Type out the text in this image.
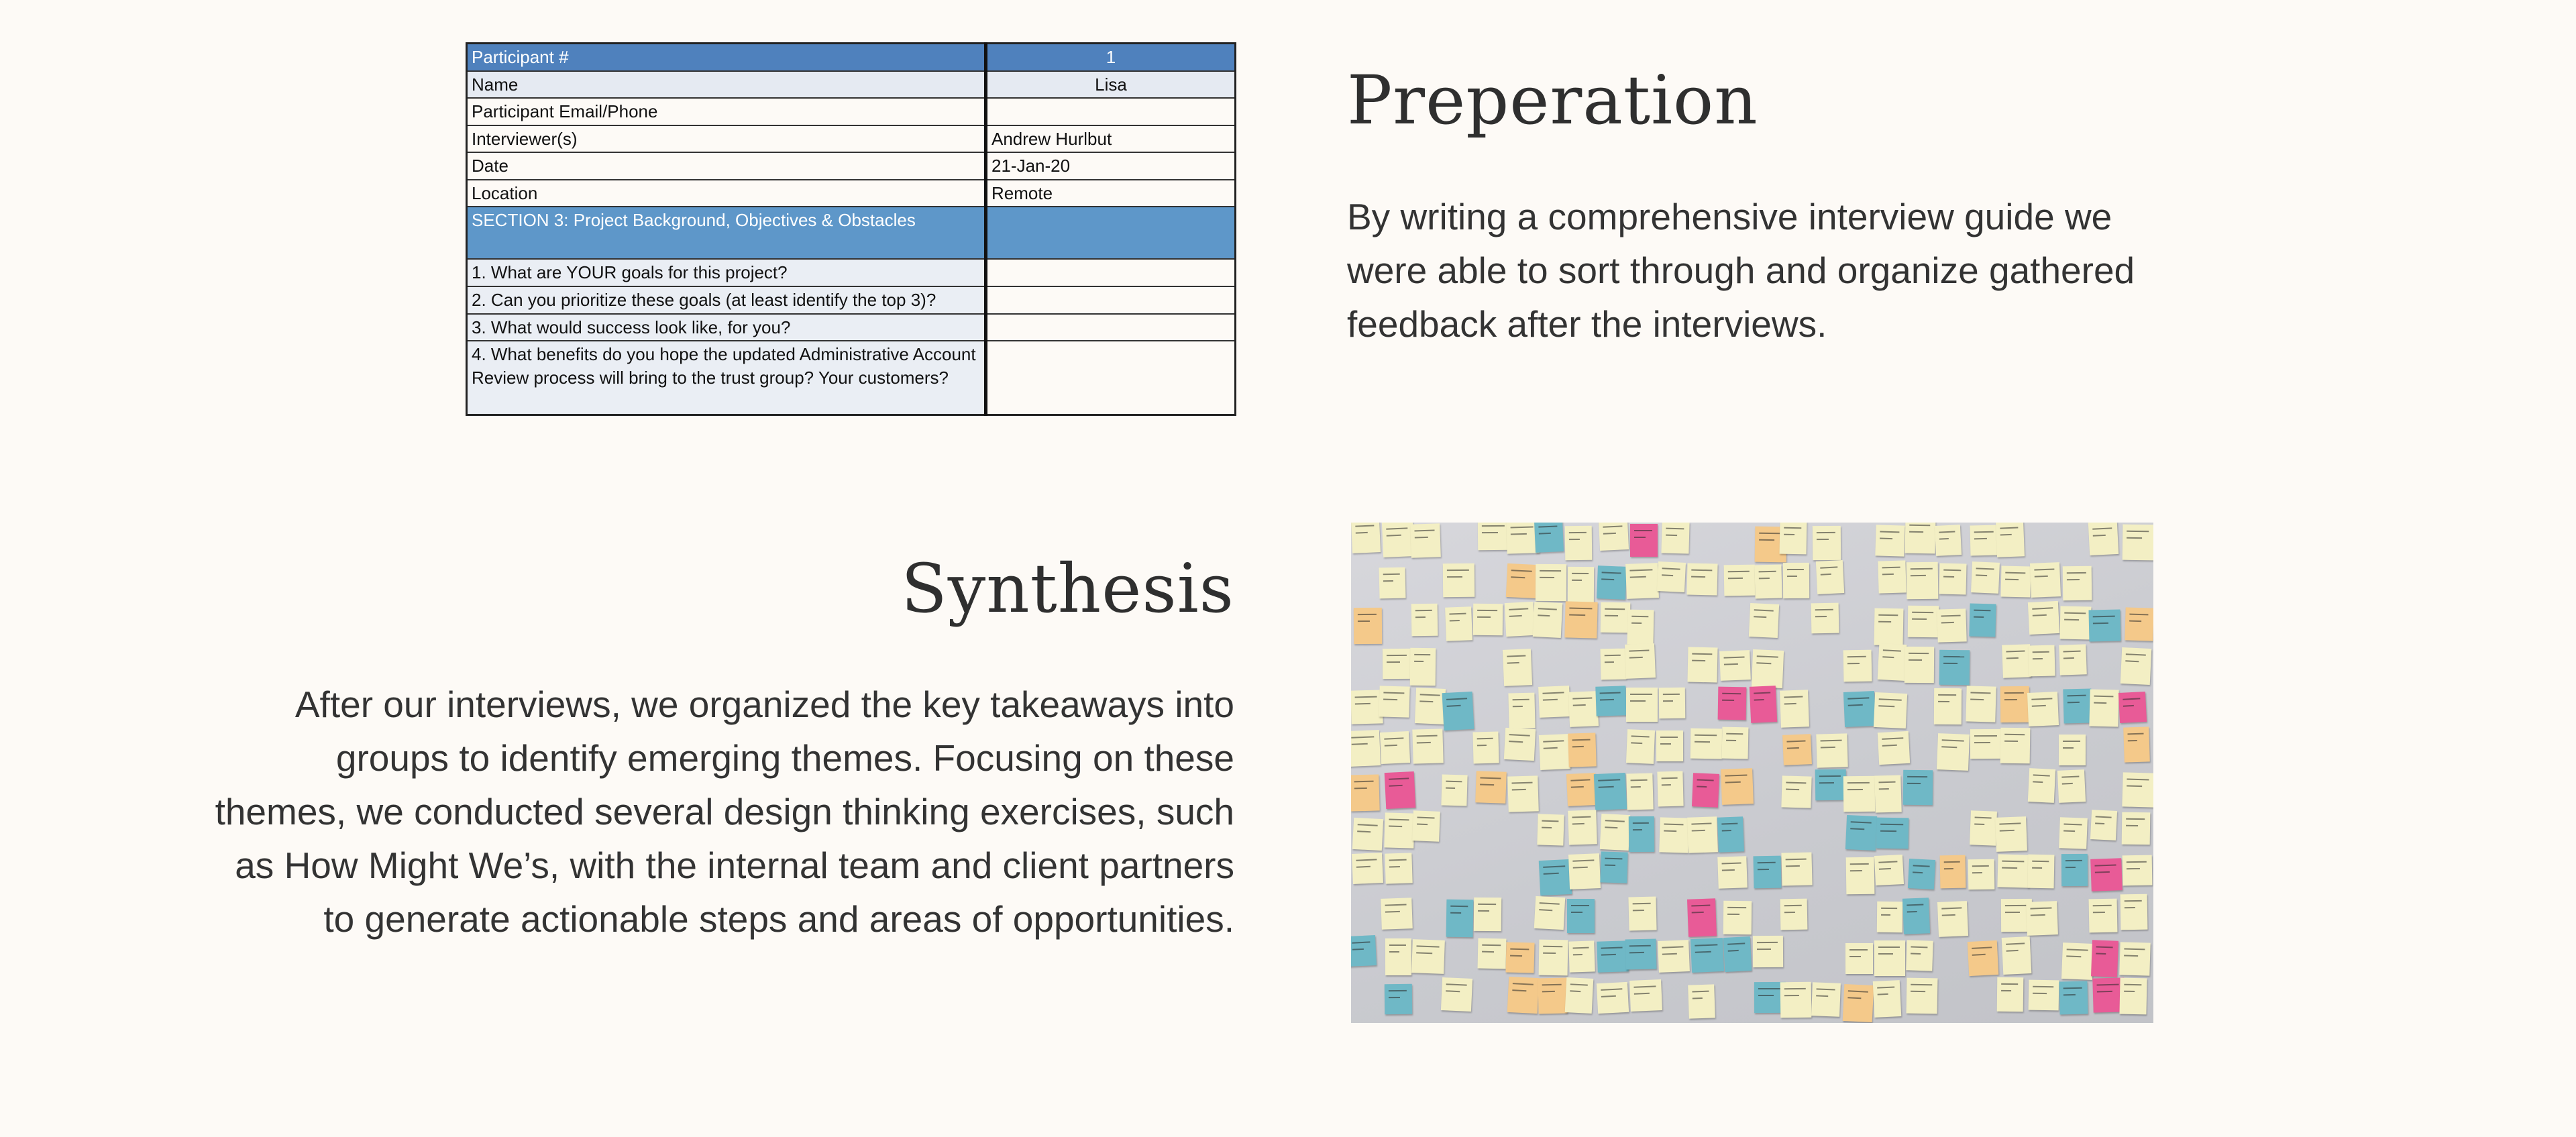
Participant #	1
Name	Lisa
Participant Email/Phone	
Interviewer(s)	Andrew Hurlbut
Date	21-Jan-20
Location	Remote
SECTION 3: Project Background, Objectives & Obstacles	
1. What are YOUR goals for this project?	
2. Can you prioritize these goals (at least identify the top 3)?	
3. What would success look like, for you?	
4. What benefits do you hope the updated Administrative Account Review process will bring to the trust group? Your customers?	
Preperation

By writing a comprehensive interview guide we were able to sort through and organize gathered feedback after the interviews.

Synthesis

After our interviews, we organized the key takeaways into groups to identify emerging themes. Focusing on these themes, we conducted several design thinking exercises, such as How Might We’s, with the internal team and client partners to generate actionable steps and areas of opportunities.
